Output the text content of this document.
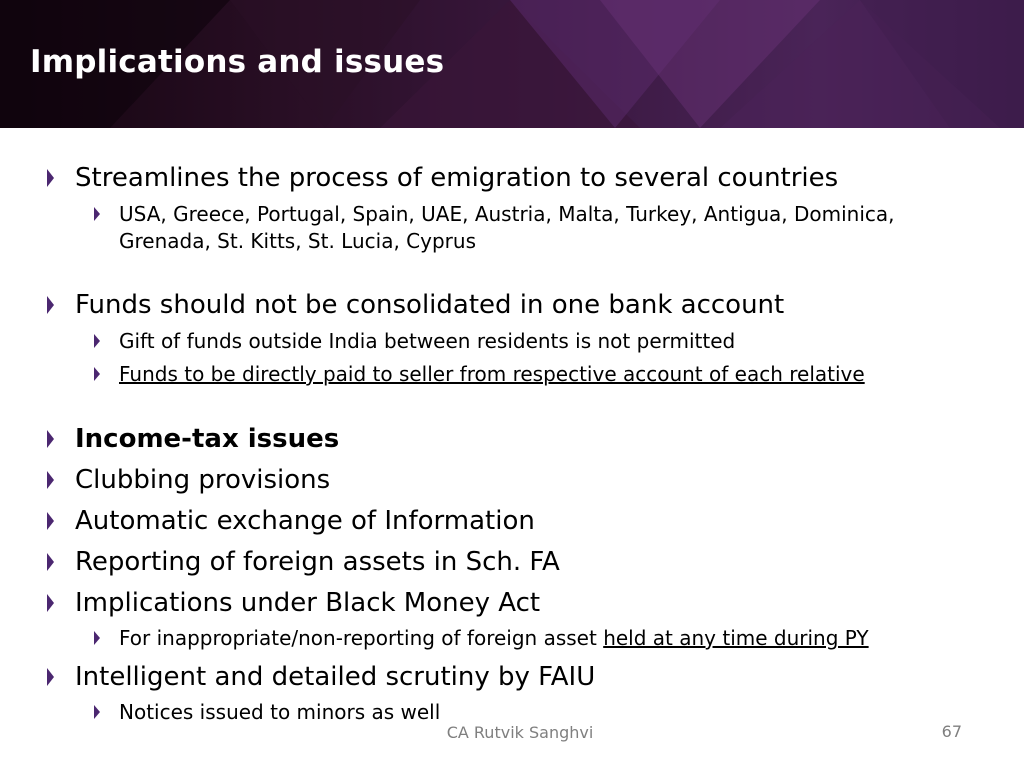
Implications and issues
Streamlines the process of emigration to several countries
USA, Greece, Portugal, Spain, UAE, Austria, Malta, Turkey, Antigua, Dominica,
Grenada, St. Kitts, St. Lucia, Cyprus
Funds should not be consolidated in one bank account
Gift of funds outside India between residents is not permitted
Funds to be directly paid to seller from respective account of each relative
Income-tax issues
Clubbing provisions
Automatic exchange of Information
Reporting of foreign assets in Sch. FA
Implications under Black Money Act
For inappropriate/non-reporting of foreign asset held at any time during PY
Intelligent and detailed scrutiny by FAIU
Notices issued to minors as well
CA Rutvik Sanghvi	67
